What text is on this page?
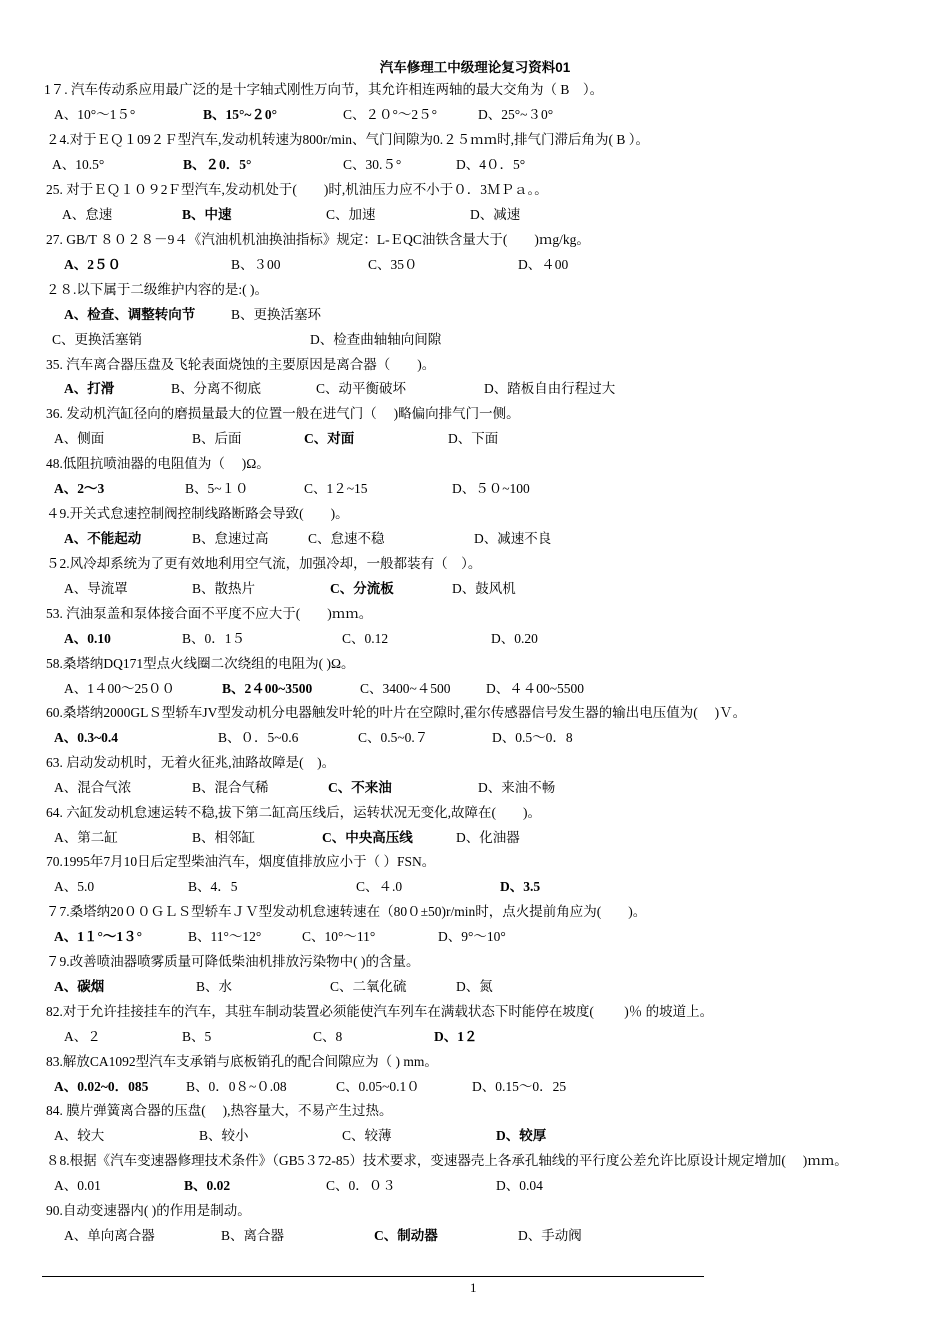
汽车修理工中级理论复习资料01
1７. 汽车传动系应用最广泛的是十字轴式刚性万向节，其允许相连两轴的最大交角为（ B　）。
A、10°～1５°	B、15°~２0°	C、２０°～2５°	D、25°~３0°
２4.对于ＥＱ１09２Ｆ型汽车,发动机转速为800r/min、气门间隙为0.２５ｍｍ时,排气门滞后角为( B ）。
A、10.5°	B、２0．5°	C、30.５°	D、4０．5°
25. 对于ＥＱ１０９2Ｆ型汽车,发动机处于(　　)时,机油压力应不小于０．3ＭＰａ。。
A、怠速	B、中速	C、加速	D、减速
27. GB/T ８０２８－9４《汽油机机油换油指标》规定：L-ＥQC油铁含量大于(　　)ｍg/kg。
A、2５０	B、３00	C、35０	D、４00
２８.以下属于二级维护内容的是:( )。
A、检查、调整转向节	B、更换活塞环
C、更换活塞销	D、检查曲轴轴向间隙
35. 汽车离合器压盘及飞轮表面烧蚀的主要原因是离合器（　　)。
A、打滑	B、分离不彻底	C、动平衡破坏	D、踏板自由行程过大
36. 发动机汽缸径向的磨损量最大的位置一般在进气门（　 )略偏向排气门一侧。
A、侧面	B、后面	C、对面	D、下面
48.低阻抗喷油器的电阻值为（　 )Ω。
A、2〜3	B、5~１０	C、1２~15	D、５０~100
４9.开关式怠速控制阀控制线路断路会导致(　　)。
A、不能起动	B、怠速过高	C、怠速不稳	D、减速不良
５2.风冷却系统为了更有效地利用空气流，加强冷却，一般都装有（　）。
A、导流罩	B、散热片	C、分流板	D、鼓风机
53. 汽油泵盖和泵体接合面不平度不应大于(　　)ｍｍ。
A、0.10	B、0．1５	C、0.12	D、0.20
58.桑塔纳DQ171型点火线圈二次绕组的电阻为( )Ω。
A、1４00～25００	B、2４00~3500	C、3400~４500	D、４４00~5500
60.桑塔纳2000GLＳ型轿车JV型发动机分电器触发叶轮的叶片在空隙时,霍尔传感器信号发生器的输出电压值为(　 )Ｖ。
A、0.3~0.4	B、０．5~0.6	C、0.5~0.７	D、0.5～0．8
63. 启动发动机时，无着火征兆,油路故障是(　)。
A、混合气浓	B、混合气稀	C、不来油	D、来油不畅
64. 六缸发动机怠速运转不稳,拔下第二缸高压线后，运转状况无变化,故障在(　　)。
A、第二缸	B、相邻缸	C、中央高压线	D、化油器
70.1995年7月10日后定型柴油汽车，烟度值排放应小于（ ）FSN。
A、5.0	B、4．5	C、４.0	D、3.5
７7.桑塔纳20００ＧＬＳ型轿车ＪＶ型发动机怠速转速在（80０±50)r/min时，点火提前角应为(　　)。
A、1１°～1３°	B、11°～12°	C、10°～11°	D、9°～10°
７9.改善喷油器喷雾质量可降低柴油机排放污染物中( )的含量。
A、碳烟	B、水	C、二氧化硫	D、氮
82.对于允许挂接挂车的汽车，其驻车制动装置必须能使汽车列车在满载状态下时能停在坡度(　　 )％ 的坡道上。
A、２	B、5	C、8	D、1２
83.解放CA1092型汽车支承销与底板销孔的配合间隙应为（ ) mm。
A、0.02~0．085	B、0．0８~０.08	C、0.05~0.1０	D、0.15～0．25
84. 膜片弹簧离合器的压盘(　 ),热容量大，不易产生过热。
A、较大	B、较小	C、较薄	D、较厚
８8.根据《汽车变速器修理技术条件》（GB5３72-85）技术要求，变速器壳上各承孔轴线的平行度公差允许比原设计规定增加(　 )ｍｍ。
A、0.01	B、0.02	C、0．０３	D、0.04
90.自动变速器内( )的作用是制动。
A、单向离合器	B、离合器	C、制动器	D、手动阀
1
